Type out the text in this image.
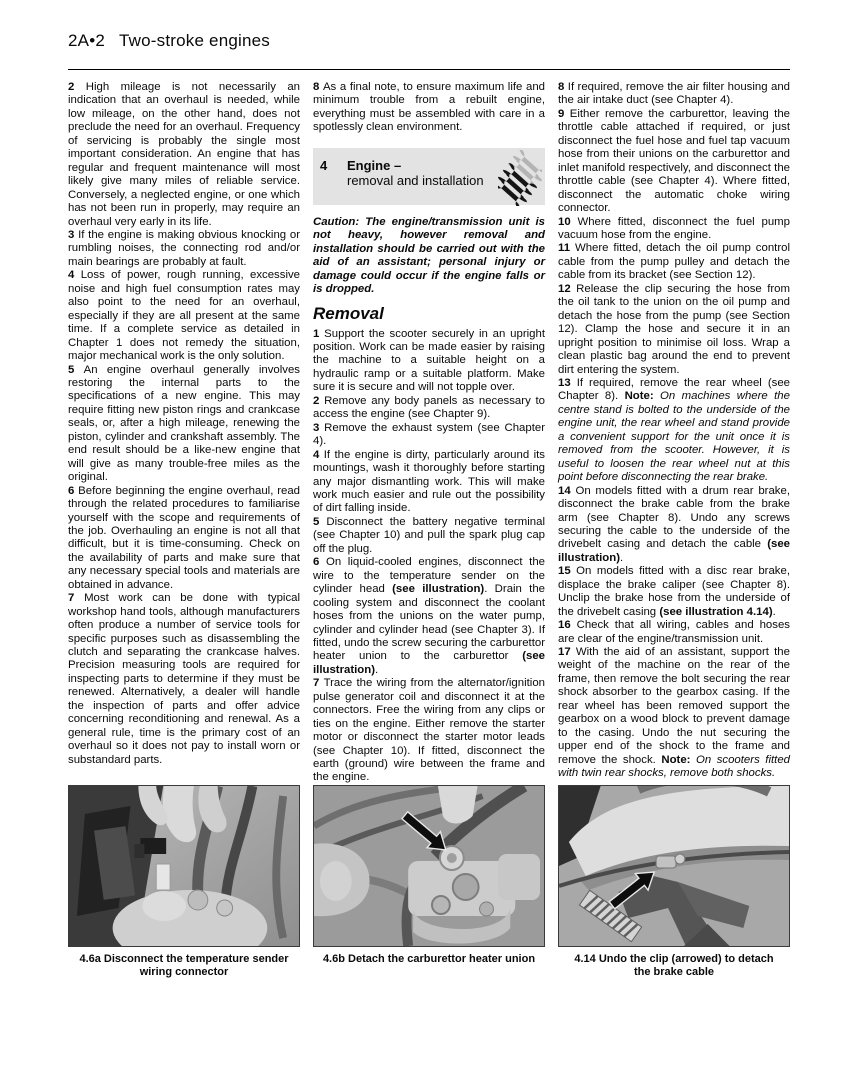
2A•2 Two-stroke engines

2 High mileage is not necessarily an indication that an overhaul is needed, while low mileage, on the other hand, does not preclude the need for an overhaul. Frequency of servicing is probably the single most important consideration. An engine that has regular and frequent maintenance will most likely give many miles of reliable service. Conversely, a neglected engine, or one which has not been run in properly, may require an overhaul very early in its life.

3 If the engine is making obvious knocking or rumbling noises, the connecting rod and/or main bearings are probably at fault.

4 Loss of power, rough running, excessive noise and high fuel consumption rates may also point to the need for an overhaul, especially if they are all present at the same time. If a complete service as detailed in Chapter 1 does not remedy the situation, major mechanical work is the only solution.

5 An engine overhaul generally involves restoring the internal parts to the specifications of a new engine. This may require fitting new piston rings and crankcase seals, or, after a high mileage, renewing the piston, cylinder and crankshaft assembly. The end result should be a like-new engine that will give as many trouble-free miles as the original.

6 Before beginning the engine overhaul, read through the related procedures to familiarise yourself with the scope and requirements of the job. Overhauling an engine is not all that difficult, but it is time-consuming. Check on the availability of parts and make sure that any necessary special tools and materials are obtained in advance.

7 Most work can be done with typical workshop hand tools, although manufacturers often produce a number of service tools for specific purposes such as disassembling the clutch and separating the crankcase halves. Precision measuring tools are required for inspecting parts to determine if they must be renewed. Alternatively, a dealer will handle the inspection of parts and offer advice concerning reconditioning and renewal. As a general rule, time is the primary cost of an overhaul so it does not pay to install worn or substandard parts.

8 As a final note, to ensure maximum life and minimum trouble from a rebuilt engine, everything must be assembled with care in a spotlessly clean environment.

4	Engine –
removal and installation

Caution: The engine/transmission unit is not heavy, however removal and installation should be carried out with the aid of an assistant; personal injury or damage could occur if the engine falls or is dropped.

Removal

1 Support the scooter securely in an upright position. Work can be made easier by raising the machine to a suitable height on a hydraulic ramp or a suitable platform. Make sure it is secure and will not topple over.

2 Remove any body panels as necessary to access the engine (see Chapter 9).

3 Remove the exhaust system (see Chapter 4).

4 If the engine is dirty, particularly around its mountings, wash it thoroughly before starting any major dismantling work. This will make work much easier and rule out the possibility of dirt falling inside.

5 Disconnect the battery negative terminal (see Chapter 10) and pull the spark plug cap off the plug.

6 On liquid-cooled engines, disconnect the wire to the temperature sender on the cylinder head (see illustration). Drain the cooling system and disconnect the coolant hoses from the unions on the water pump, cylinder and cylinder head (see Chapter 3). If fitted, undo the screw securing the carburettor heater union to the carburettor (see illustration).

7 Trace the wiring from the alternator/ignition pulse generator coil and disconnect it at the connectors. Free the wiring from any clips or ties on the engine. Either remove the starter motor or disconnect the starter motor leads (see Chapter 10). If fitted, disconnect the earth (ground) wire between the frame and the engine.

8 If required, remove the air filter housing and the air intake duct (see Chapter 4).

9 Either remove the carburettor, leaving the throttle cable attached if required, or just disconnect the fuel hose and fuel tap vacuum hose from their unions on the carburettor and inlet manifold respectively, and disconnect the throttle cable (see Chapter 4). Where fitted, disconnect the automatic choke wiring connector.

10 Where fitted, disconnect the fuel pump vacuum hose from the engine.

11 Where fitted, detach the oil pump control cable from the pump pulley and detach the cable from its bracket (see Section 12).

12 Release the clip securing the hose from the oil tank to the union on the oil pump and detach the hose from the pump (see Section 12). Clamp the hose and secure it in an upright position to minimise oil loss. Wrap a clean plastic bag around the end to prevent dirt entering the system.

13 If required, remove the rear wheel (see Chapter 8). Note: On machines where the centre stand is bolted to the underside of the engine unit, the rear wheel and stand provide a convenient support for the unit once it is removed from the scooter. However, it is useful to loosen the rear wheel nut at this point before disconnecting the rear brake.

14 On models fitted with a drum rear brake, disconnect the brake cable from the brake arm (see Chapter 8). Undo any screws securing the cable to the underside of the drivebelt casing and detach the cable (see illustration).

15 On models fitted with a disc rear brake, displace the brake caliper (see Chapter 8). Unclip the brake hose from the underside of the drivebelt casing (see illustration 4.14).

16 Check that all wiring, cables and hoses are clear of the engine/transmission unit.

17 With the aid of an assistant, support the weight of the machine on the rear of the frame, then remove the bolt securing the rear shock absorber to the gearbox casing. If the rear wheel has been removed support the gearbox on a wood block to prevent damage to the casing. Undo the nut securing the upper end of the shock to the frame and remove the shock. Note: On scooters fitted with twin rear shocks, remove both shocks.

4.6a Disconnect the temperature sender wiring connector
4.6b Detach the carburettor heater union	4.14 Undo the clip (arrowed) to detach the brake cable
